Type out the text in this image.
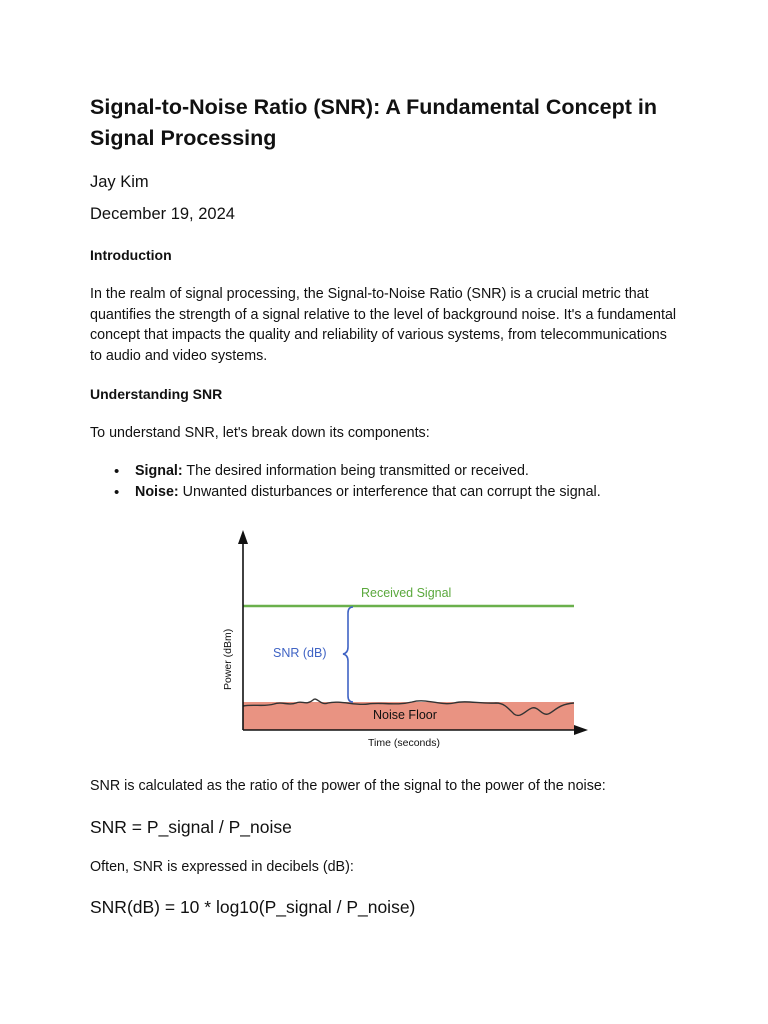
Signal-to-Noise Ratio (SNR): A Fundamental Concept in Signal Processing
Jay Kim
December 19, 2024
Introduction

In the realm of signal processing, the Signal-to-Noise Ratio (SNR) is a crucial metric that quantifies the strength of a signal relative to the level of background noise. It's a fundamental concept that impacts the quality and reliability of various systems, from telecommunications to audio and video systems.

Understanding SNR

To understand SNR, let's break down its components:

• Signal: The desired information being transmitted or received.
• Noise: Unwanted disturbances or interference that can corrupt the signal.

SNR is calculated as the ratio of the power of the signal to the power of the noise:

SNR = P_signal / P_noise

Often, SNR is expressed in decibels (dB):

SNR(dB) = 10 * log10(P_signal / P_noise)
Received Signal
SNR (dB)
Noise Floor
Time (seconds)
Power (dBm)
